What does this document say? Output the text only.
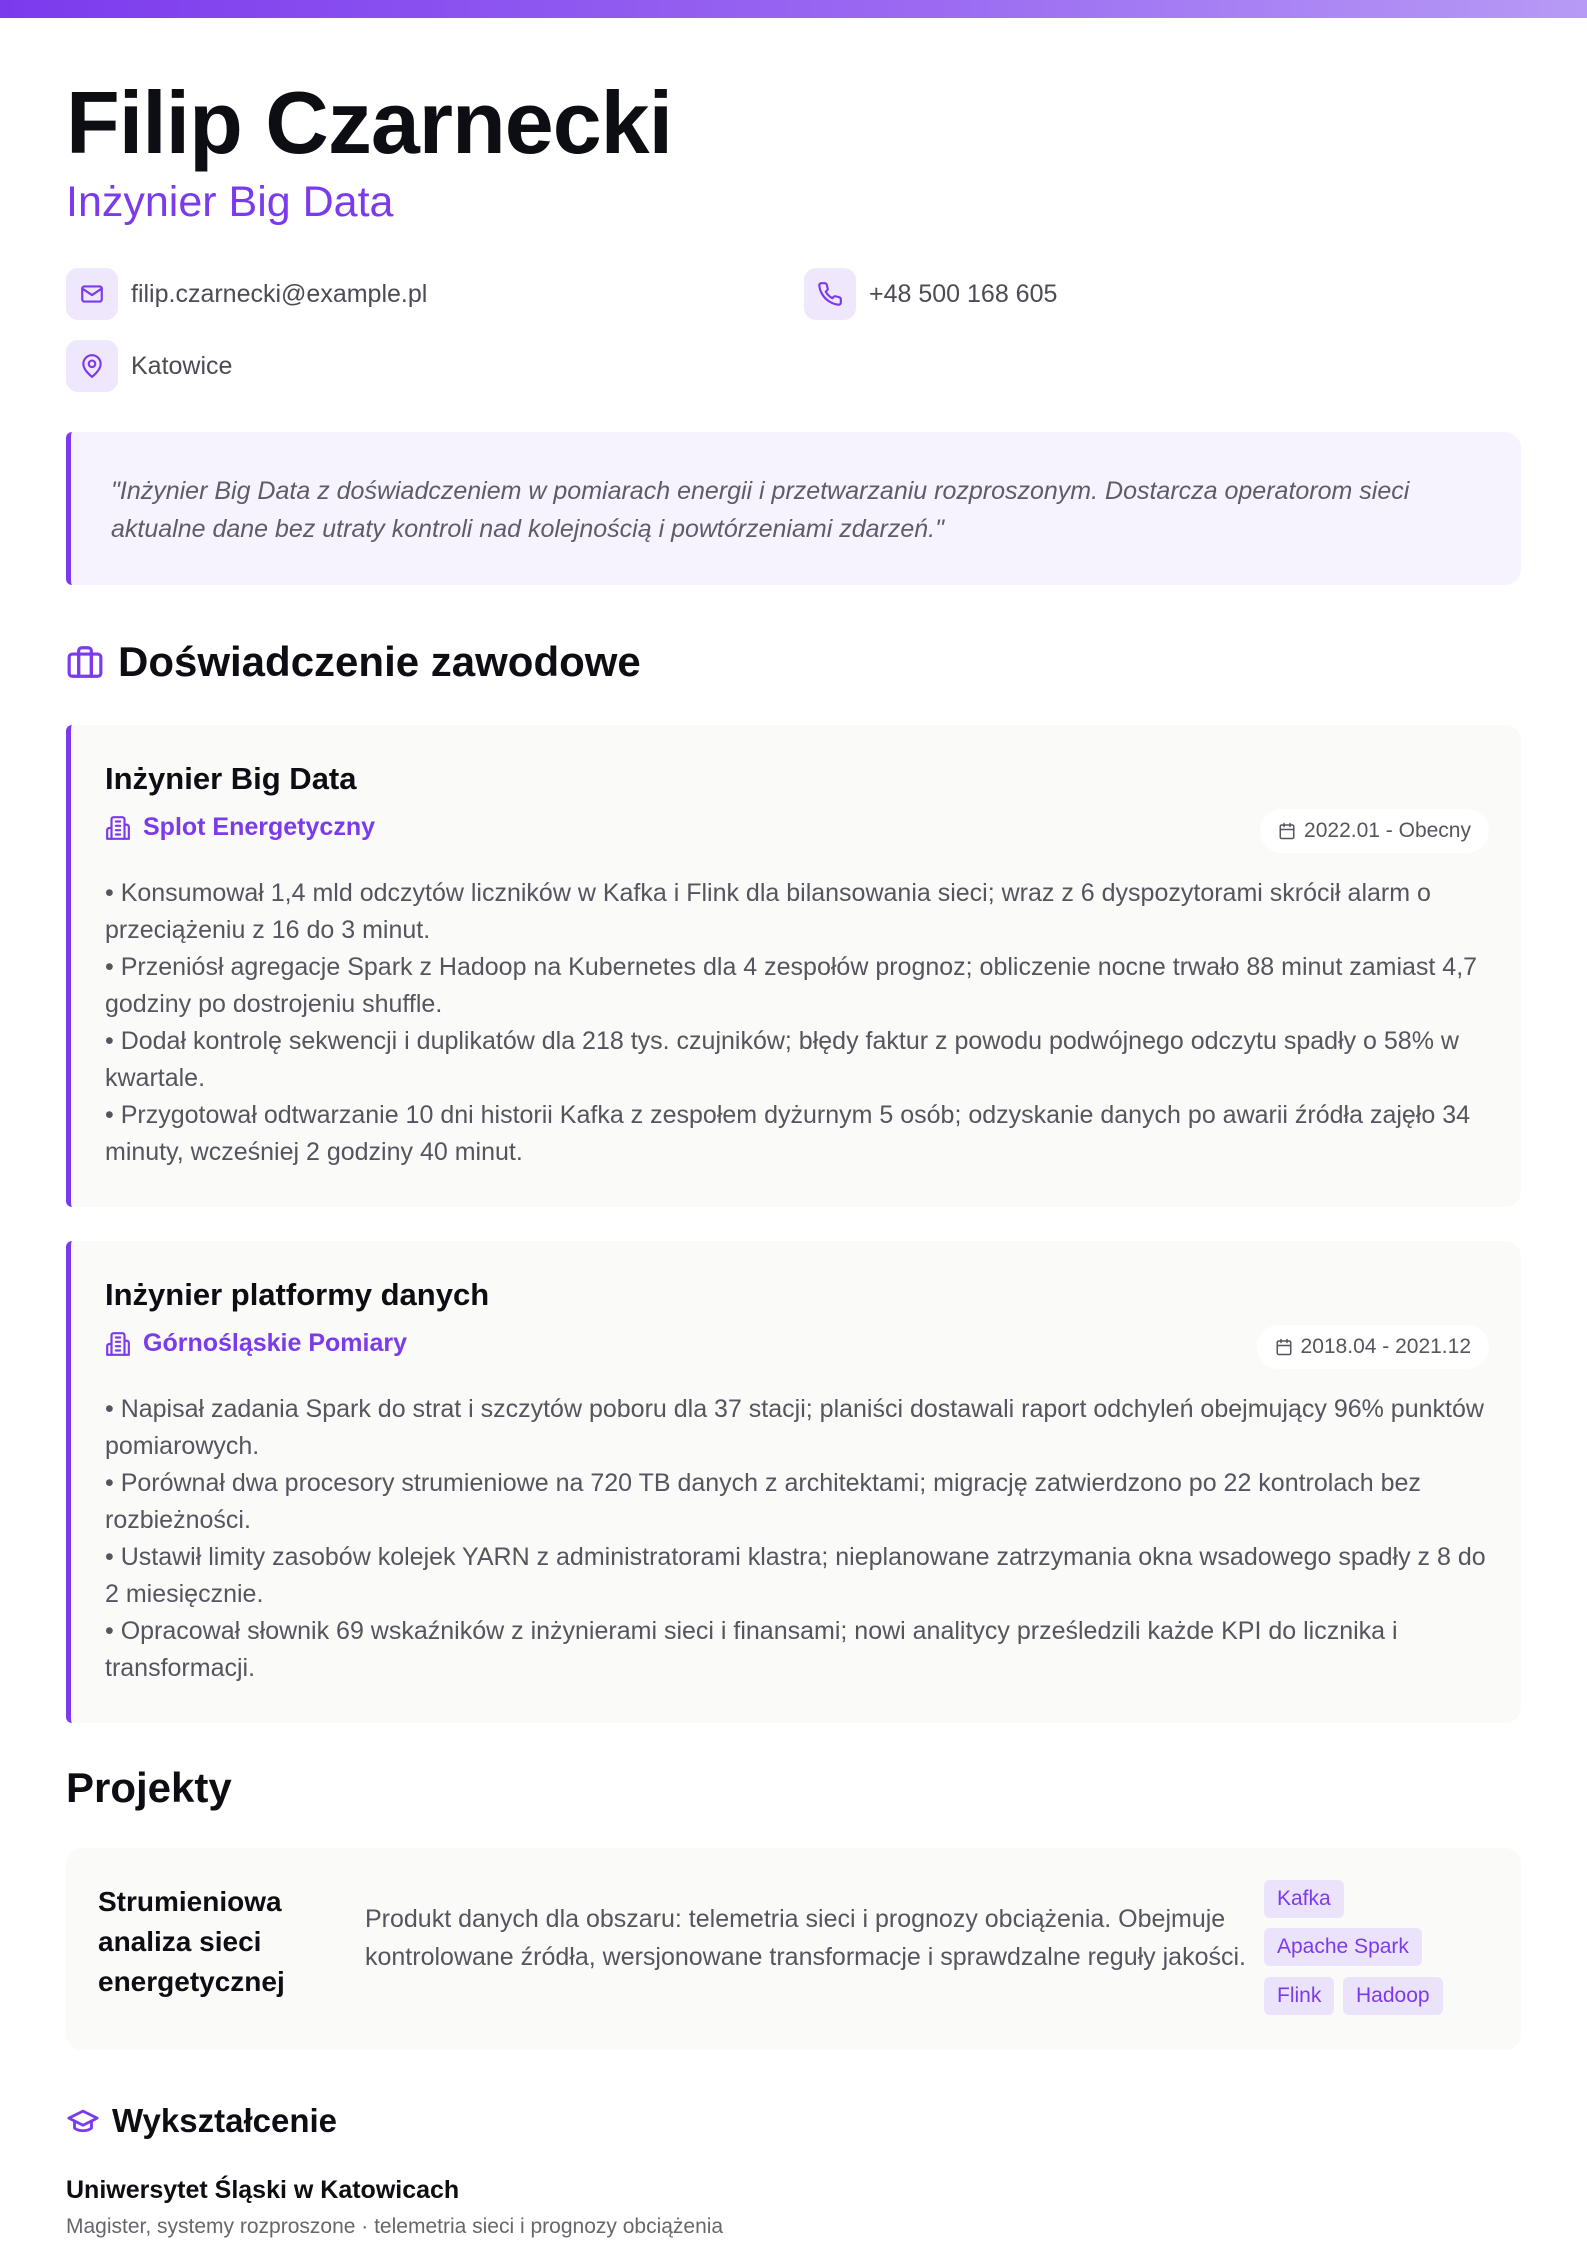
Filip Czarnecki
Inżynier Big Data
filip.czarnecki@example.pl	+48 500 168 605
Katowice

"Inżynier Big Data z doświadczeniem w pomiarach energii i przetwarzaniu rozproszonym. Dostarcza operatorom sieci aktualne dane bez utraty kontroli nad kolejnością i powtórzeniami zdarzeń."

Doświadczenie zawodowe
Inżynier Big Data
Splot Energetyczny	2022.01 - Obecny
• Konsumował 1,4 mld odczytów liczników w Kafka i Flink dla bilansowania sieci; wraz z 6 dyspozytorami skrócił alarm o przeciążeniu z 16 do 3 minut.
• Przeniósł agregacje Spark z Hadoop na Kubernetes dla 4 zespołów prognoz; obliczenie nocne trwało 88 minut zamiast 4,7 godziny po dostrojeniu shuffle.
• Dodał kontrolę sekwencji i duplikatów dla 218 tys. czujników; błędy faktur z powodu podwójnego odczytu spadły o 58% w kwartale.
• Przygotował odtwarzanie 10 dni historii Kafka z zespołem dyżurnym 5 osób; odzyskanie danych po awarii źródła zajęło 34 minuty, wcześniej 2 godziny 40 minut.
Inżynier platformy danych
Górnośląskie Pomiary	2018.04 - 2021.12
• Napisał zadania Spark do strat i szczytów poboru dla 37 stacji; planiści dostawali raport odchyleń obejmujący 96% punktów pomiarowych.
• Porównał dwa procesory strumieniowe na 720 TB danych z architektami; migrację zatwierdzono po 22 kontrolach bez rozbieżności.
• Ustawił limity zasobów kolejek YARN z administratorami klastra; nieplanowane zatrzymania okna wsadowego spadły z 8 do 2 miesięcznie.
• Opracował słownik 69 wskaźników z inżynierami sieci i finansami; nowi analitycy prześledzili każde KPI do licznika i transformacji.
Projekty
Strumieniowa analiza sieci energetycznej
Produkt danych dla obszaru: telemetria sieci i prognozy obciążenia. Obejmuje kontrolowane źródła, wersjonowane transformacje i sprawdzalne reguły jakości.
Kafka
Apache Spark
Flink	Hadoop
Wykształcenie
Uniwersytet Śląski w Katowicach
Magister, systemy rozproszone · telemetria sieci i prognozy obciążenia
